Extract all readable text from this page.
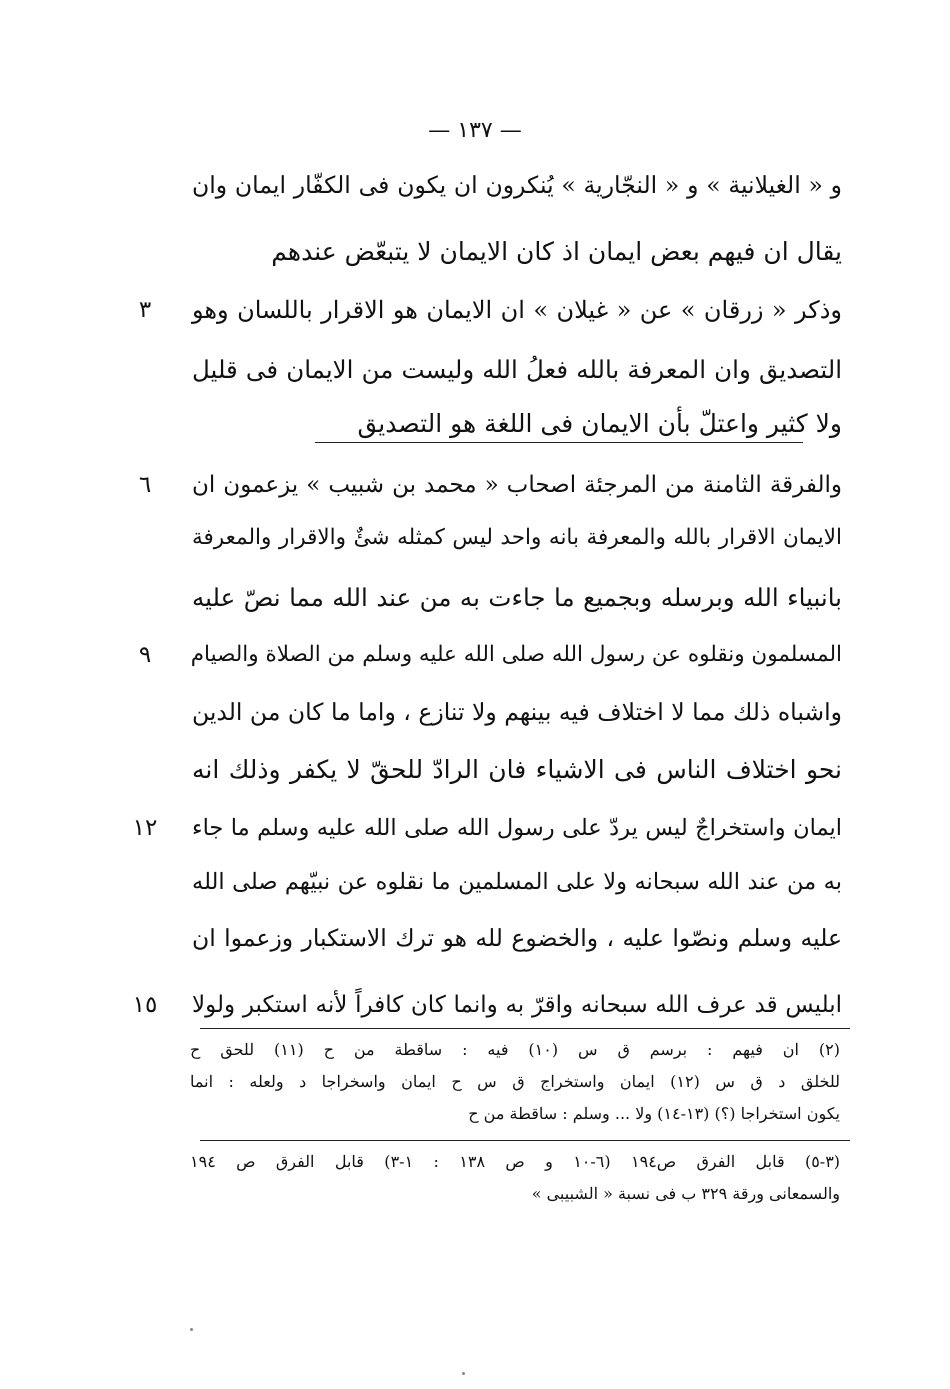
— ١٣٧ —
و « الغيلانية » و « النجّارية » يُنكرون ان يكون فى الكفّار ايمان وان
يقال ان فيهم بعض ايمان اذ كان الايمان لا يتبعّض عندهم
٣	وذكر « زرقان » عن « غيلان » ان الايمان هو الاقرار باللسان وهو
التصديق وان المعرفة بالله فعلُ الله وليست من الايمان فى قليل
ولا كثير واعتلّ بأن الايمان فى اللغة هو التصديق
٦	والفرقة الثامنة من المرجئة اصحاب « محمد بن شبيب » يزعمون ان
الايمان الاقرار بالله والمعرفة بانه واحد ليس كمثله شئٌ والاقرار والمعرفة
بانبياء الله وبرسله وبجميع ما جاءت به من عند الله مما نصّ عليه
٩	المسلمون ونقلوه عن رسول الله صلى الله عليه وسلم من الصلاة والصيام
واشباه ذلك مما لا اختلاف فيه بينهم ولا تنازع ، واما ما كان من الدين
نحو اختلاف الناس فى الاشياء فان الرادّ للحقّ لا يكفر وذلك انه
١٢	ايمان واستخراجٌ ليس يردّ على رسول الله صلى الله عليه وسلم ما جاء
به من عند الله سبحانه ولا على المسلمين ما نقلوه عن نبيّهم صلى الله
عليه وسلم ونصّوا عليه ، والخضوع لله هو ترك الاستكبار وزعموا ان
١٥	ابليس قد عرف الله سبحانه واقرّ به وانما كان كافراً لأنه استكبر ولولا
(٢) ان فيهم : برسم ق س (١٠) فيه : ساقطة من ح (١١) للحق ح
للخلق د ق س (١٢) ايمان واستخراج ق س ح ايمان واسخراجا د ولعله : انما
يكون استخراجا (؟) (١٣-١٤) ولا ... وسلم : ساقطة من ح
(٣-٥) قابل الفرق ص١٩٤ (٦-١٠ و ص ١٣٨ : ١-٣) قابل الفرق ص ١٩٤
والسمعانى ورقة ٣٢٩ ب فى نسبة « الشبيبى »
